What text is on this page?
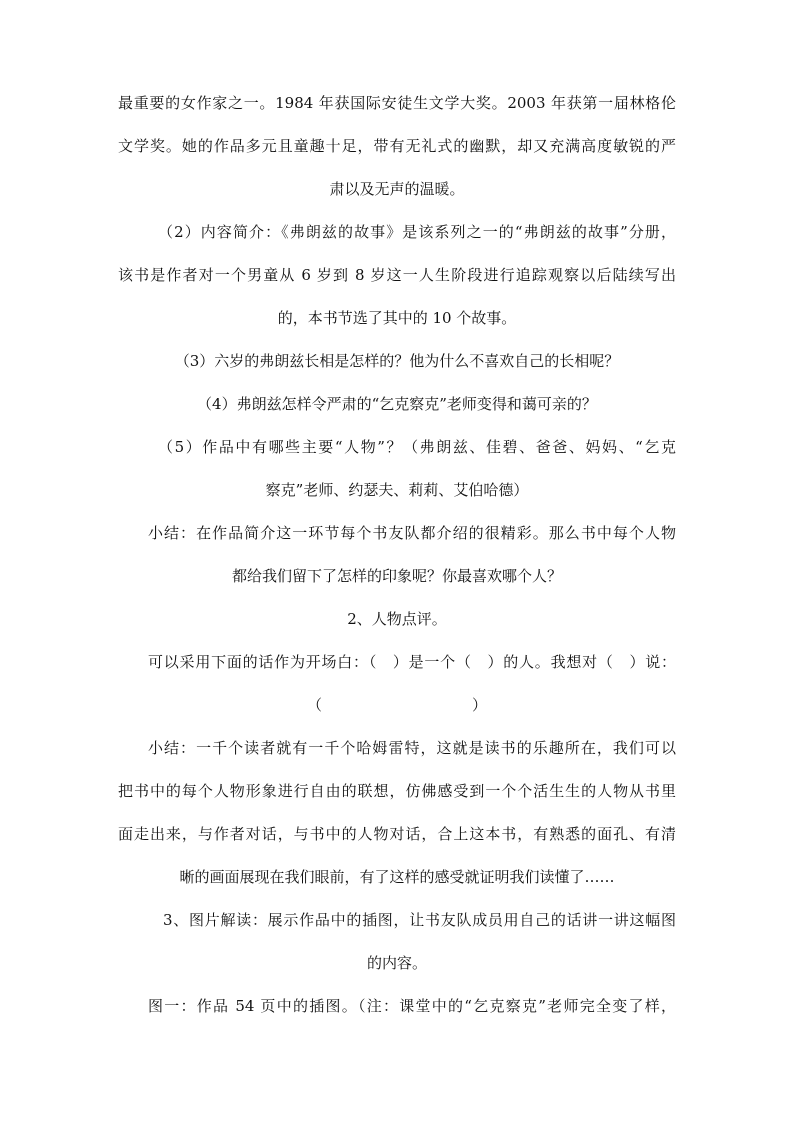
最重要的女作家之一。1984 年获国际安徒生文学大奖。2003 年获第一届林格伦
文学奖。她的作品多元且童趣十足，带有无礼式的幽默，却又充满高度敏锐的严
肃以及无声的温暖。
（2）内容简介：《弗朗兹的故事》是该系列之一的“弗朗兹的故事”分册，
该书是作者对一个男童从 6 岁到 8 岁这一人生阶段进行追踪观察以后陆续写出
的，本书节选了其中的 10 个故事。
（3）六岁的弗朗兹长相是怎样的？他为什么不喜欢自己的长相呢？
（4）弗朗兹怎样令严肃的“乞克察克”老师变得和蔼可亲的？
（5）作品中有哪些主要“人物”？（弗朗兹、佳碧、爸爸、妈妈、“乞克
察克”老师、约瑟夫、莉莉、艾伯哈德）
小结：在作品简介这一环节每个书友队都介绍的很精彩。那么书中每个人物
都给我们留下了怎样的印象呢？你最喜欢哪个人？
2、人物点评。
可以采用下面的话作为开场白：（　）是一个（　）的人。我想对（　）说：
（　　　　　　　　　　）
小结：一千个读者就有一千个哈姆雷特，这就是读书的乐趣所在，我们可以
把书中的每个人物形象进行自由的联想，仿佛感受到一个个活生生的人物从书里
面走出来，与作者对话，与书中的人物对话，合上这本书，有熟悉的面孔、有清
晰的画面展现在我们眼前，有了这样的感受就证明我们读懂了……
3、图片解读：展示作品中的插图，让书友队成员用自己的话讲一讲这幅图
的内容。
图一：作品 54 页中的插图。（注：课堂中的“乞克察克”老师完全变了样，
